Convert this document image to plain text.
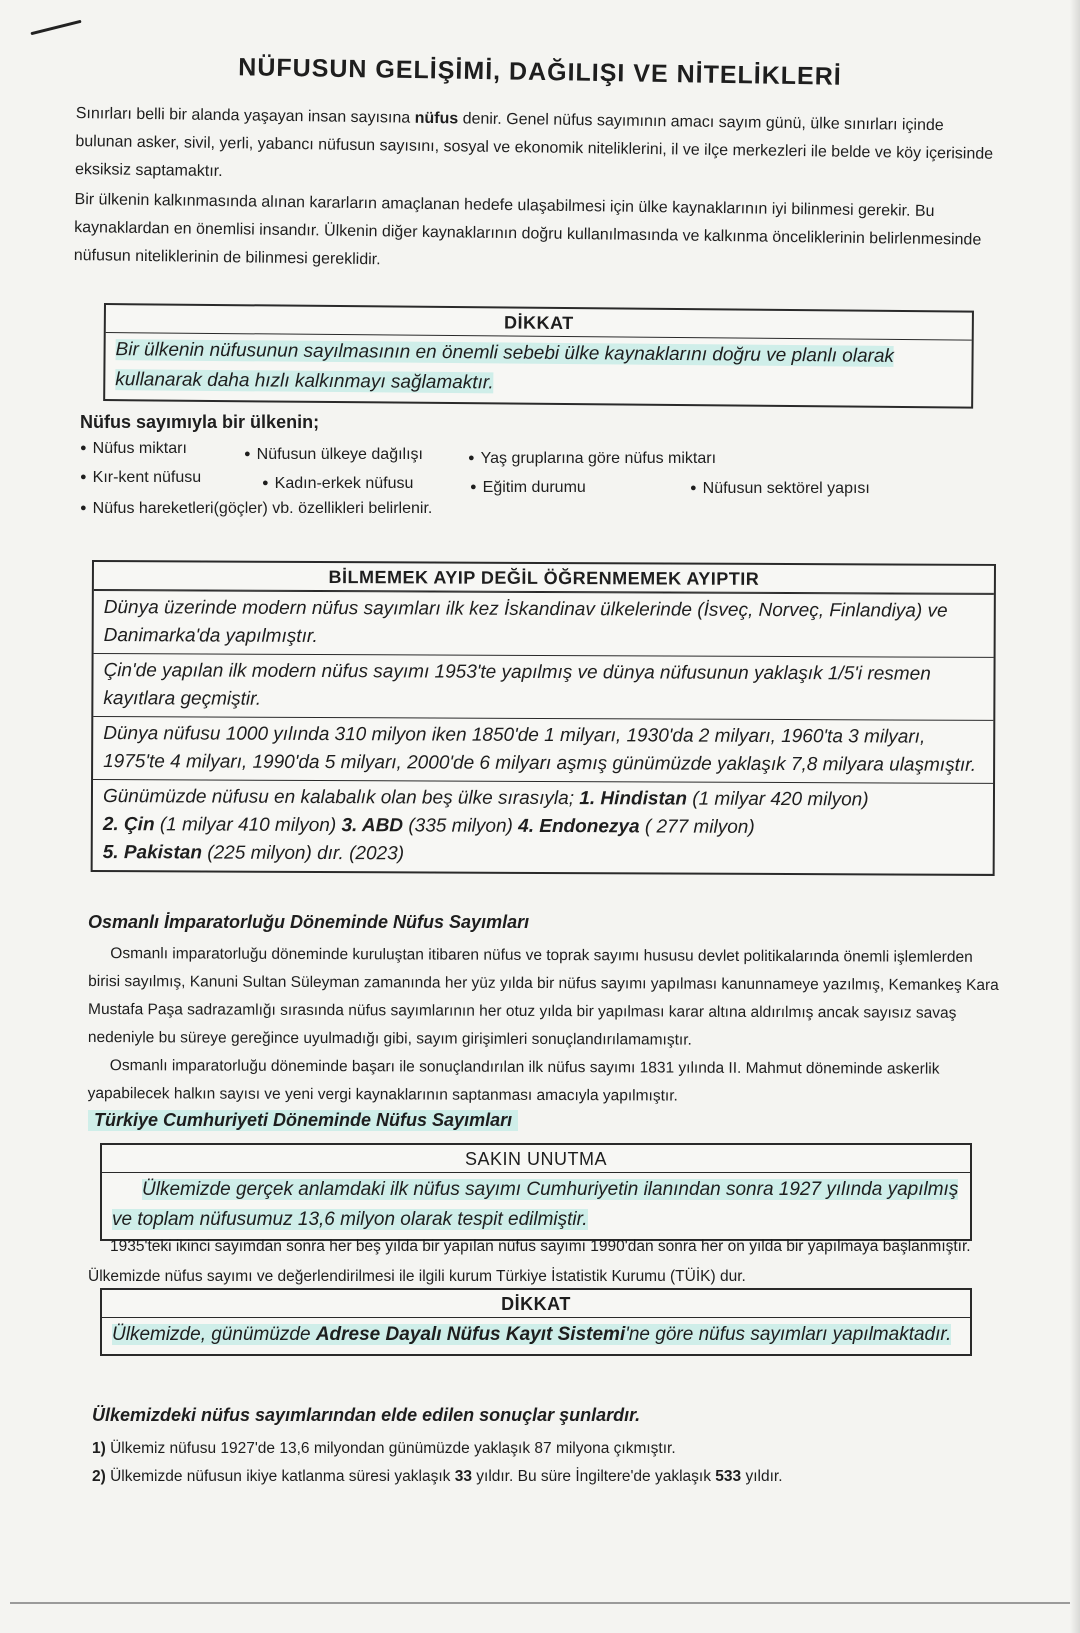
NÜFUSUN GELİŞİMİ, DAĞILIŞI VE NİTELİKLERİ

Sınırları belli bir alanda yaşayan insan sayısına nüfus denir. Genel nüfus sayımının amacı sayım günü, ülke sınırları içinde bulunan asker, sivil, yerli, yabancı nüfusun sayısını, sosyal ve ekonomik niteliklerini, il ve ilçe merkezleri ile belde ve köy içerisinde eksiksiz saptamaktır.

Bir ülkenin kalkınmasında alınan kararların amaçlanan hedefe ulaşabilmesi için ülke kaynaklarının iyi bilinmesi gerekir. Bu kaynaklardan en önemlisi insandır. Ülkenin diğer kaynaklarının doğru kullanılmasında ve kalkınma önceliklerinin belirlenmesinde nüfusun niteliklerinin de bilinmesi gereklidir.

DİKKAT
Bir ülkenin nüfusunun sayılmasının en önemli sebebi ülke kaynaklarını doğru ve planlı olarak kullanarak daha hızlı kalkınmayı sağlamaktır.
Nüfus sayımıyla bir ülkenin;
● Nüfus miktarı	● Nüfusun ülkeye dağılışı	● Yaş gruplarına göre nüfus miktarı
● Kır-kent nüfusu	● Kadın-erkek nüfusu	● Eğitim durumu	● Nüfusun sektörel yapısı
● Nüfus hareketleri(göçler) vb. özellikleri belirlenir.
BİLMEMEK AYIP DEĞİL ÖĞRENMEMEK AYIPTIR
Dünya üzerinde modern nüfus sayımları ilk kez İskandinav ülkelerinde (İsveç, Norveç, Finlandiya) ve Danimarka'da yapılmıştır.
Çin'de yapılan ilk modern nüfus sayımı 1953'te yapılmış ve dünya nüfusunun yaklaşık 1/5'i resmen kayıtlara geçmiştir.
Dünya nüfusu 1000 yılında 310 milyon iken 1850'de 1 milyarı, 1930'da 2 milyarı, 1960'ta 3 milyarı, 1975'te 4 milyarı, 1990'da 5 milyarı, 2000'de 6 milyarı aşmış günümüzde yaklaşık 7,8 milyara ulaşmıştır.
Günümüzde nüfusu en kalabalık olan beş ülke sırasıyla; 1. Hindistan (1 milyar 420 milyon)
2. Çin (1 milyar 410 milyon) 3. ABD (335 milyon) 4. Endonezya ( 277 milyon)
5. Pakistan (225 milyon) dır. (2023)
Osmanlı İmparatorluğu Döneminde Nüfus Sayımları

Osmanlı imparatorluğu döneminde kuruluştan itibaren nüfus ve toprak sayımı hususu devlet politikalarında önemli işlemlerden birisi sayılmış, Kanuni Sultan Süleyman zamanında her yüz yılda bir nüfus sayımı yapılması kanunnameye yazılmış, Kemankeş Kara Mustafa Paşa sadrazamlığı sırasında nüfus sayımlarının her otuz yılda bir yapılması karar altına aldırılmış ancak sayısız savaş nedeniyle bu süreye gereğince uyulmadığı gibi, sayım girişimleri sonuçlandırılamamıştır.

Osmanlı imparatorluğu döneminde başarı ile sonuçlandırılan ilk nüfus sayımı 1831 yılında II. Mahmut döneminde askerlik yapabilecek halkın sayısı ve yeni vergi kaynaklarının saptanması amacıyla yapılmıştır.

Türkiye Cumhuriyeti Döneminde Nüfus Sayımları
SAKIN UNUTMA
Ülkemizde gerçek anlamdaki ilk nüfus sayımı Cumhuriyetin ilanından sonra 1927 yılında yapılmış ve toplam nüfusumuz 13,6 milyon olarak tespit edilmiştir.

1935'teki ikinci sayımdan sonra her beş yılda bir yapılan nüfus sayımı 1990'dan sonra her on yılda bir yapılmaya başlanmıştır. Ülkemizde nüfus sayımı ve değerlendirilmesi ile ilgili kurum Türkiye İstatistik Kurumu (TÜİK) dur.

DİKKAT
Ülkemizde, günümüzde Adrese Dayalı Nüfus Kayıt Sistemi'ne göre nüfus sayımları yapılmaktadır.
Ülkemizdeki nüfus sayımlarından elde edilen sonuçlar şunlardır.
1) Ülkemiz nüfusu 1927'de 13,6 milyondan günümüzde yaklaşık 87 milyona çıkmıştır.
2) Ülkemizde nüfusun ikiye katlanma süresi yaklaşık 33 yıldır. Bu süre İngiltere'de yaklaşık 533 yıldır.
